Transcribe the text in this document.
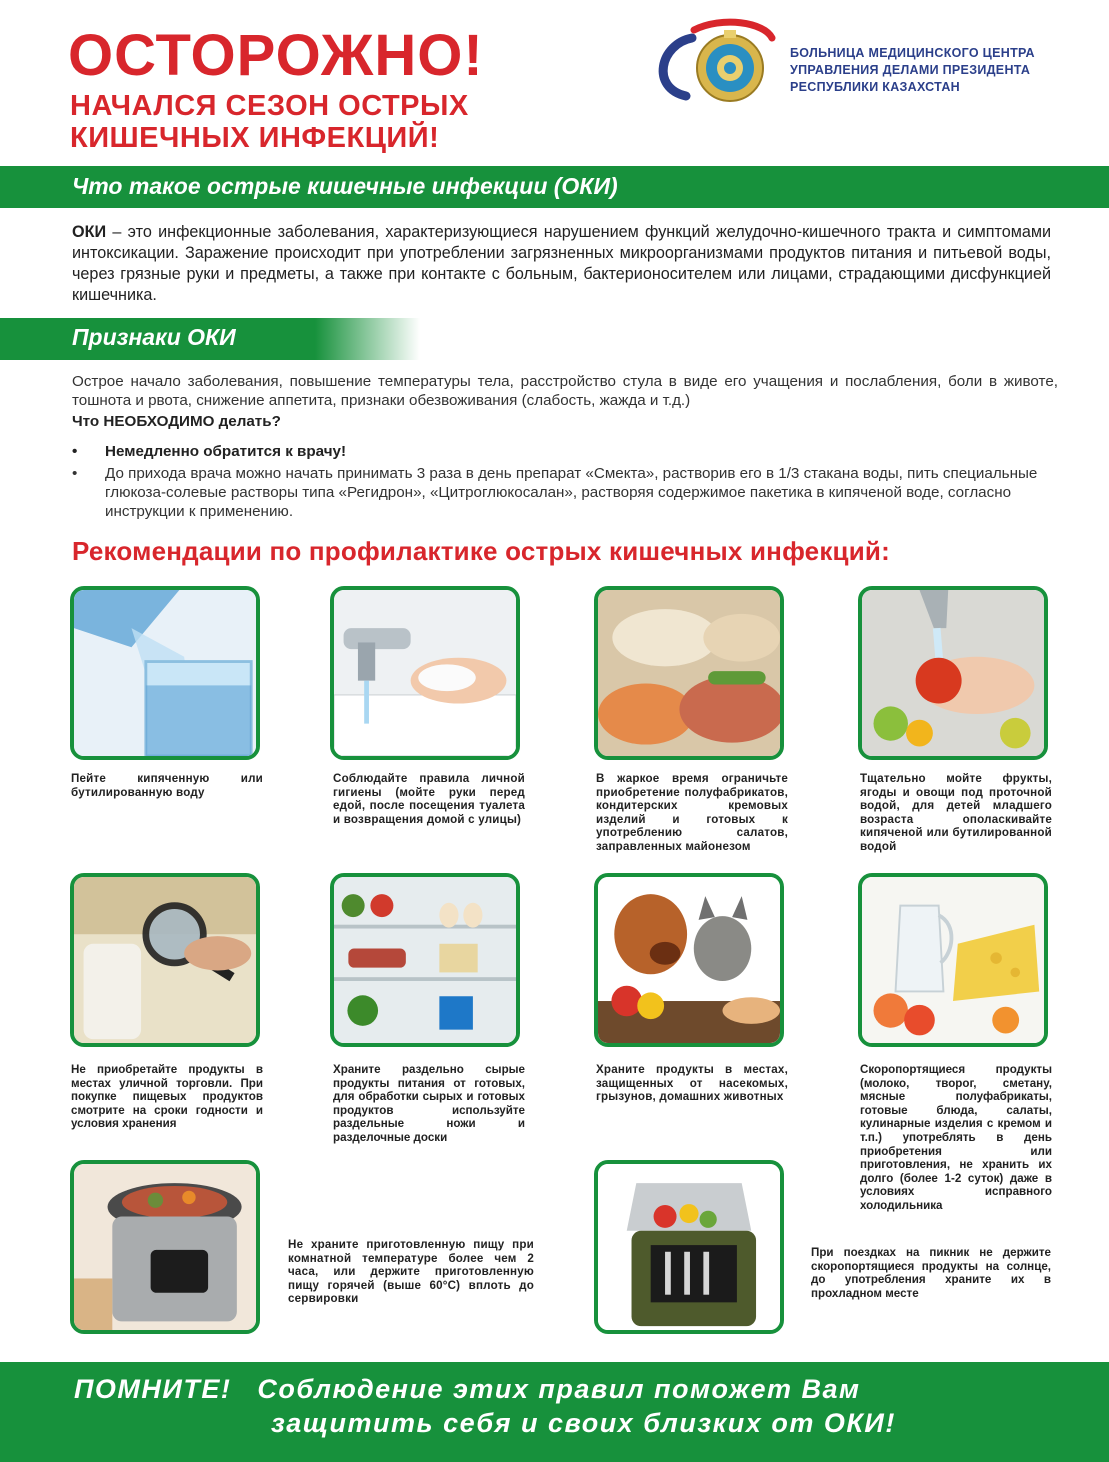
ОСТОРОЖНО!
НАЧАЛСЯ СЕЗОН ОСТРЫХ
КИШЕЧНЫХ ИНФЕКЦИЙ!
БОЛЬНИЦА МЕДИЦИНСКОГО ЦЕНТРА
УПРАВЛЕНИЯ ДЕЛАМИ ПРЕЗИДЕНТА
РЕСПУБЛИКИ КАЗАХСТАН
Что такое острые кишечные инфекции (ОКИ)
ОКИ – это инфекционные заболевания, характеризующиеся нарушением функций желудочно-кишечного тракта и симптомами интоксикации. Заражение происходит при употреблении загрязненных микроорганизмами продуктов питания и питьевой воды, через грязные руки и предметы, а также при контакте с больным, бактерионосителем или лицами, страдающими дисфункцией кишечника.
Признаки ОКИ
Острое начало заболевания, повышение температуры тела, расстройство стула в виде его учащения и послабления, боли в животе, тошнота и рвота, снижение аппетита, признаки обезвоживания (слабость, жажда и т.д.)
Что НЕОБХОДИМО делать?
• Немедленно обратится к врачу!
• До прихода врача можно начать принимать 3 раза в день препарат «Смекта», растворив его в 1/3 стакана воды, пить специальные глюкоза-солевые растворы типа «Регидрон», «Цитроглюкосалан», растворяя содержимое пакетика в кипяченой воде, согласно инструкции к применению.
Рекомендации по профилактике острых кишечных инфекций:
Пейте кипяченную или бутилированную воду
Соблюдайте правила личной гигиены (мойте руки перед едой, после посещения туалета и возвращения домой с улицы)
В жаркое время ограничьте приобретение полуфабрикатов, кондитерских кремовых изделий и готовых к употреблению салатов, заправленных майонезом
Тщательно мойте фрукты, ягоды и овощи под проточной водой, для детей младшего возраста ополаскивайте кипяченой или бутилированной водой
Не приобретайте продукты в местах уличной торговли. При покупке пищевых продуктов смотрите на сроки годности и условия хранения
Храните раздельно сырые продукты питания от готовых, для обработки сырых и готовых продуктов используйте раздельные ножи и разделочные доски
Храните продукты в местах, защищенных от насекомых, грызунов, домашних животных
Скоропортящиеся продукты (молоко, творог, сметану, мясные полуфабрикаты, готовые блюда, салаты, кулинарные изделия с кремом и т.п.) употреблять в день приобретения или приготовления, не хранить их долго (более 1-2 суток) даже в условиях исправного холодильника
Не храните приготовленную пищу при комнатной температуре более чем 2 часа, или держите приготовленную пищу горячей (выше 60°C) вплоть до сервировки
При поездках на пикник не держите скоропортящиеся продукты на солнце, до употребления храните их в прохладном месте
ПОМНИТЕ! Соблюдение этих правил поможет Вам
защитить себя и своих близких от ОКИ!
